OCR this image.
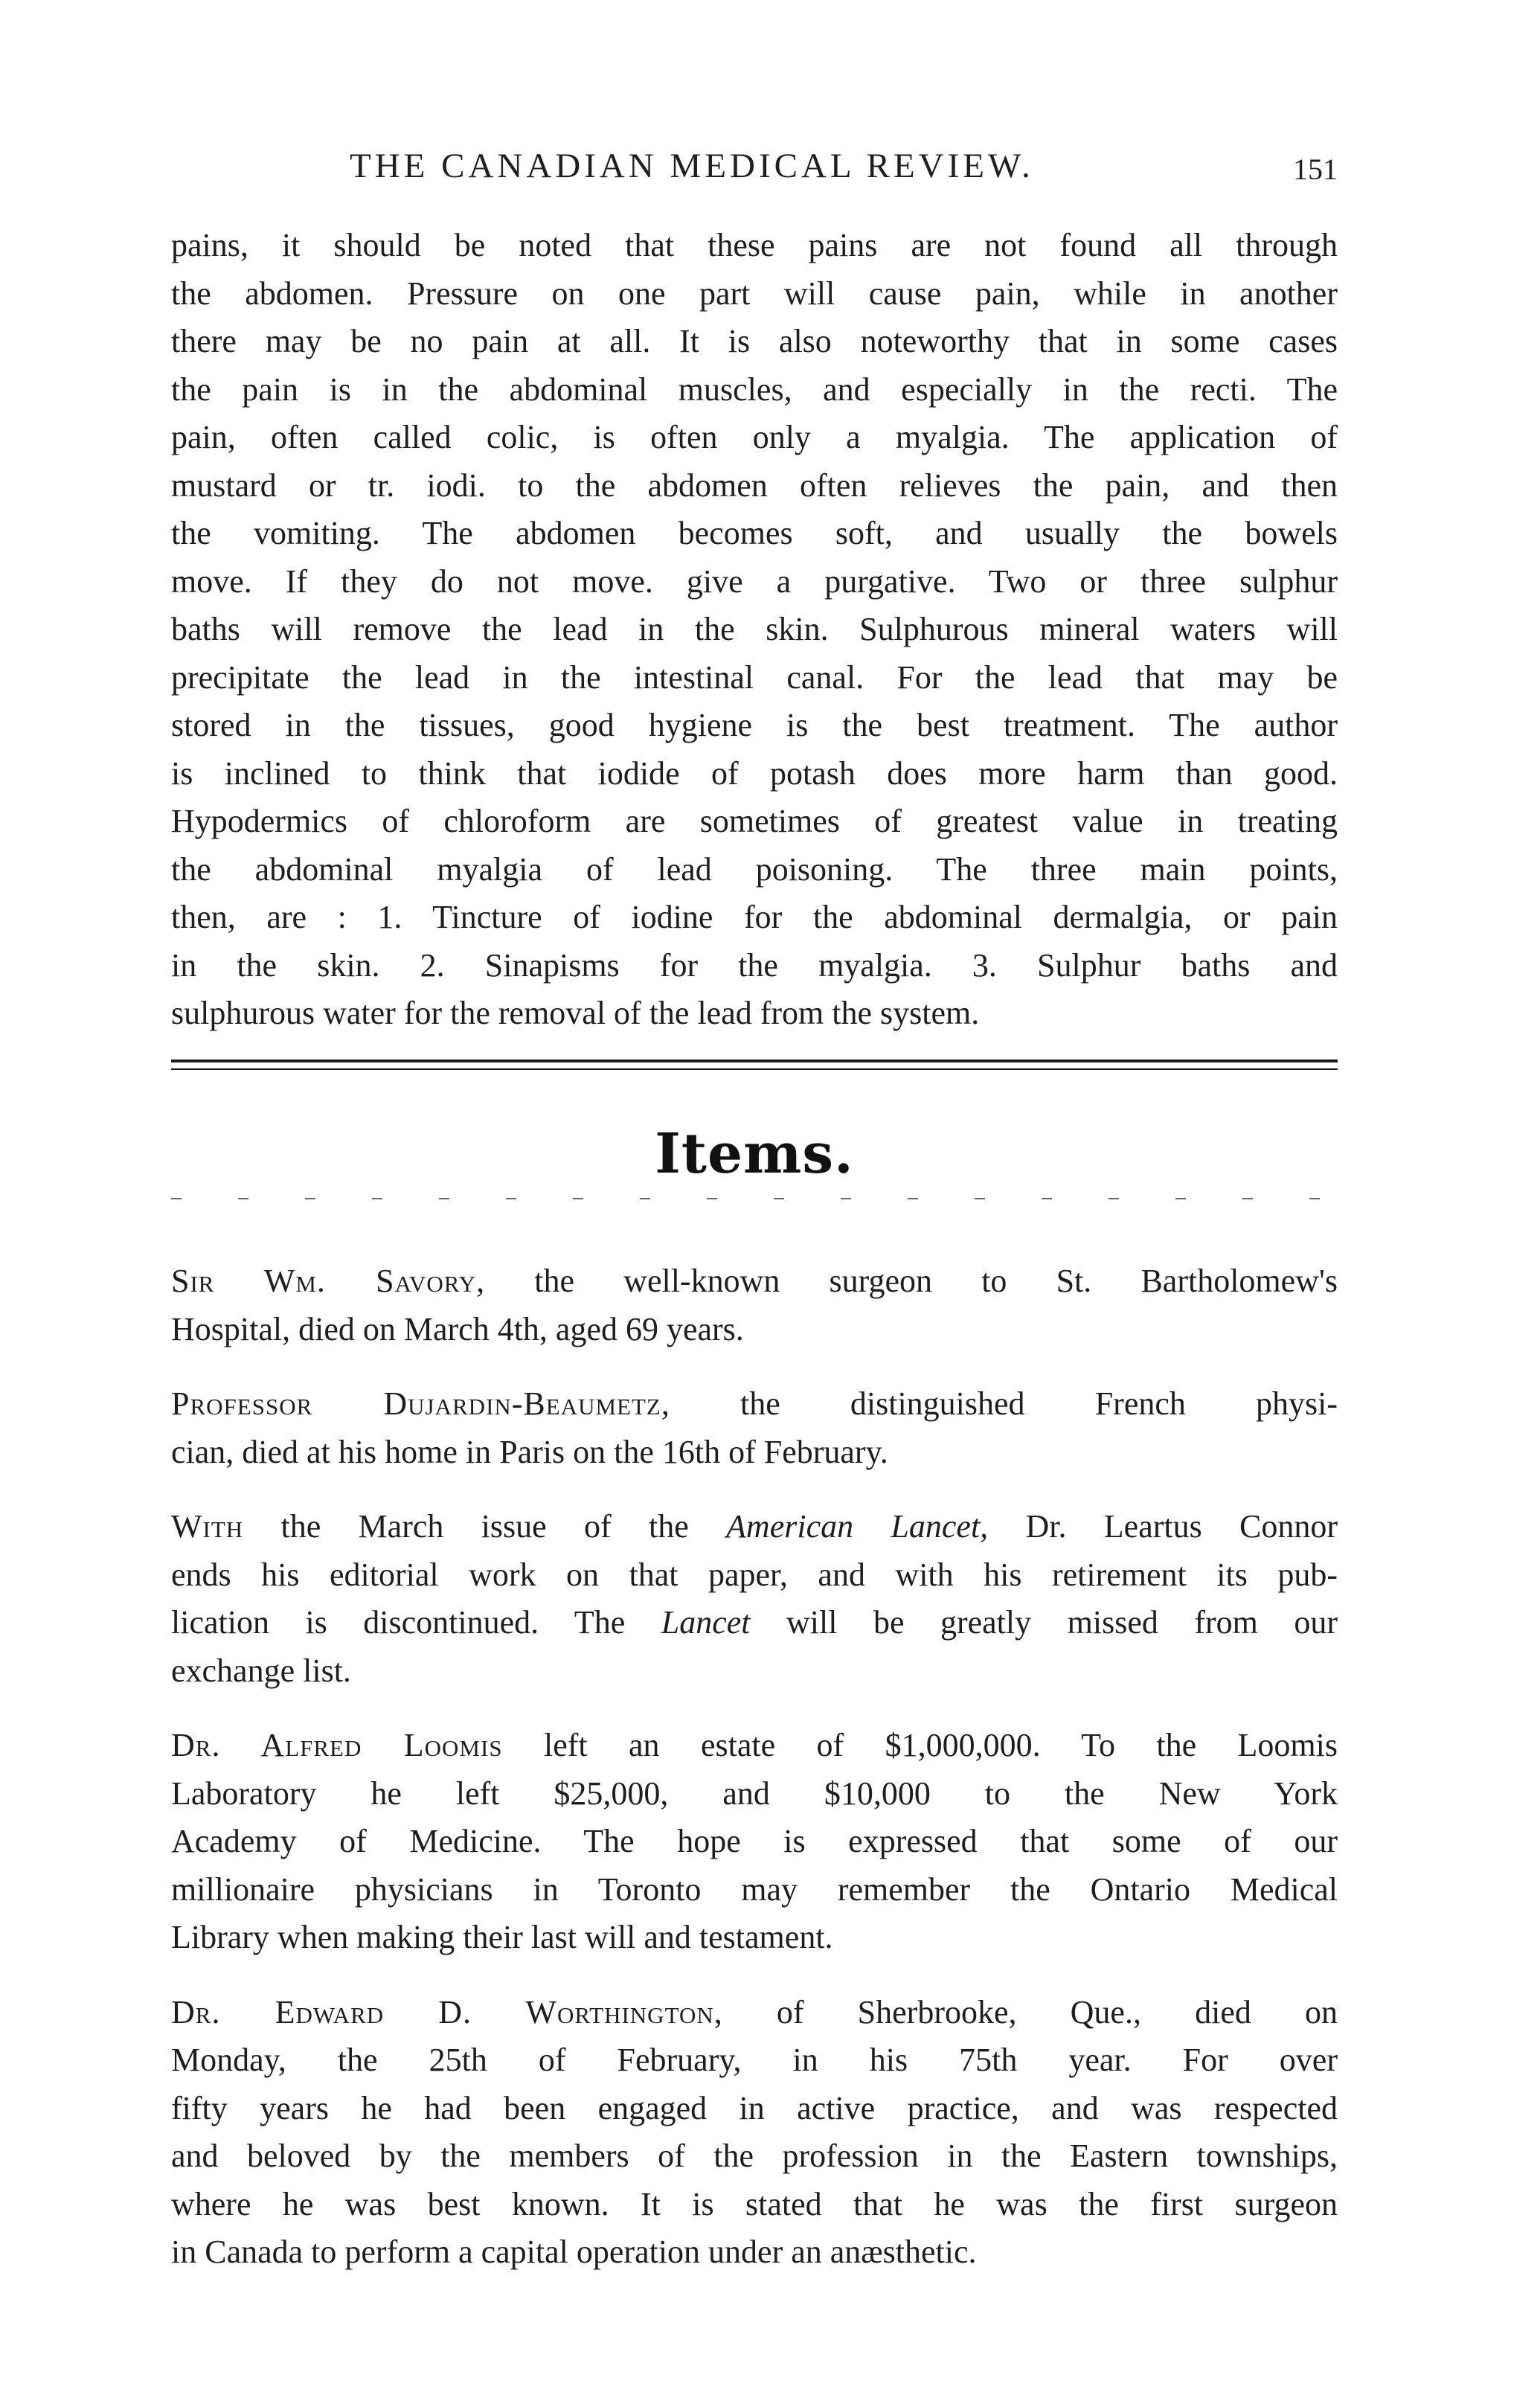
THE CANADIAN MEDICAL REVIEW.	151
pains, it should be noted that these pains are not found all through
the abdomen. Pressure on one part will cause pain, while in another
there may be no pain at all. It is also noteworthy that in some cases
the pain is in the abdominal muscles, and especially in the recti. The
pain, often called colic, is often only a myalgia. The application of
mustard or tr. iodi. to the abdomen often relieves the pain, and then
the vomiting. The abdomen becomes soft, and usually the bowels
move. If they do not move. give a purgative. Two or three sulphur
baths will remove the lead in the skin. Sulphurous mineral waters will
precipitate the lead in the intestinal canal. For the lead that may be
stored in the tissues, good hygiene is the best treatment. The author
is inclined to think that iodide of potash does more harm than good.
Hypodermics of chloroform are sometimes of greatest value in treating
the abdominal myalgia of lead poisoning. The three main points,
then, are : 1. Tincture of iodine for the abdominal dermalgia, or pain
in the skin. 2. Sinapisms for the myalgia. 3. Sulphur baths and
sulphurous water for the removal of the lead from the system.
Items.
Sir Wm. Savory, the well-known surgeon to St. Bartholomew's
Hospital, died on March 4th, aged 69 years.
Professor Dujardin-Beaumetz, the distinguished French physi-
cian, died at his home in Paris on the 16th of February.
With the March issue of the American Lancet, Dr. Leartus Connor
ends his editorial work on that paper, and with his retirement its pub-
lication is discontinued. The Lancet will be greatly missed from our
exchange list.
Dr. Alfred Loomis left an estate of $1,000,000. To the Loomis
Laboratory he left $25,000, and $10,000 to the New York
Academy of Medicine. The hope is expressed that some of our
millionaire physicians in Toronto may remember the Ontario Medical
Library when making their last will and testament.
Dr. Edward D. Worthington, of Sherbrooke, Que., died on
Monday, the 25th of February, in his 75th year. For over
fifty years he had been engaged in active practice, and was respected
and beloved by the members of the profession in the Eastern townships,
where he was best known. It is stated that he was the first surgeon
in Canada to perform a capital operation under an anæsthetic.
